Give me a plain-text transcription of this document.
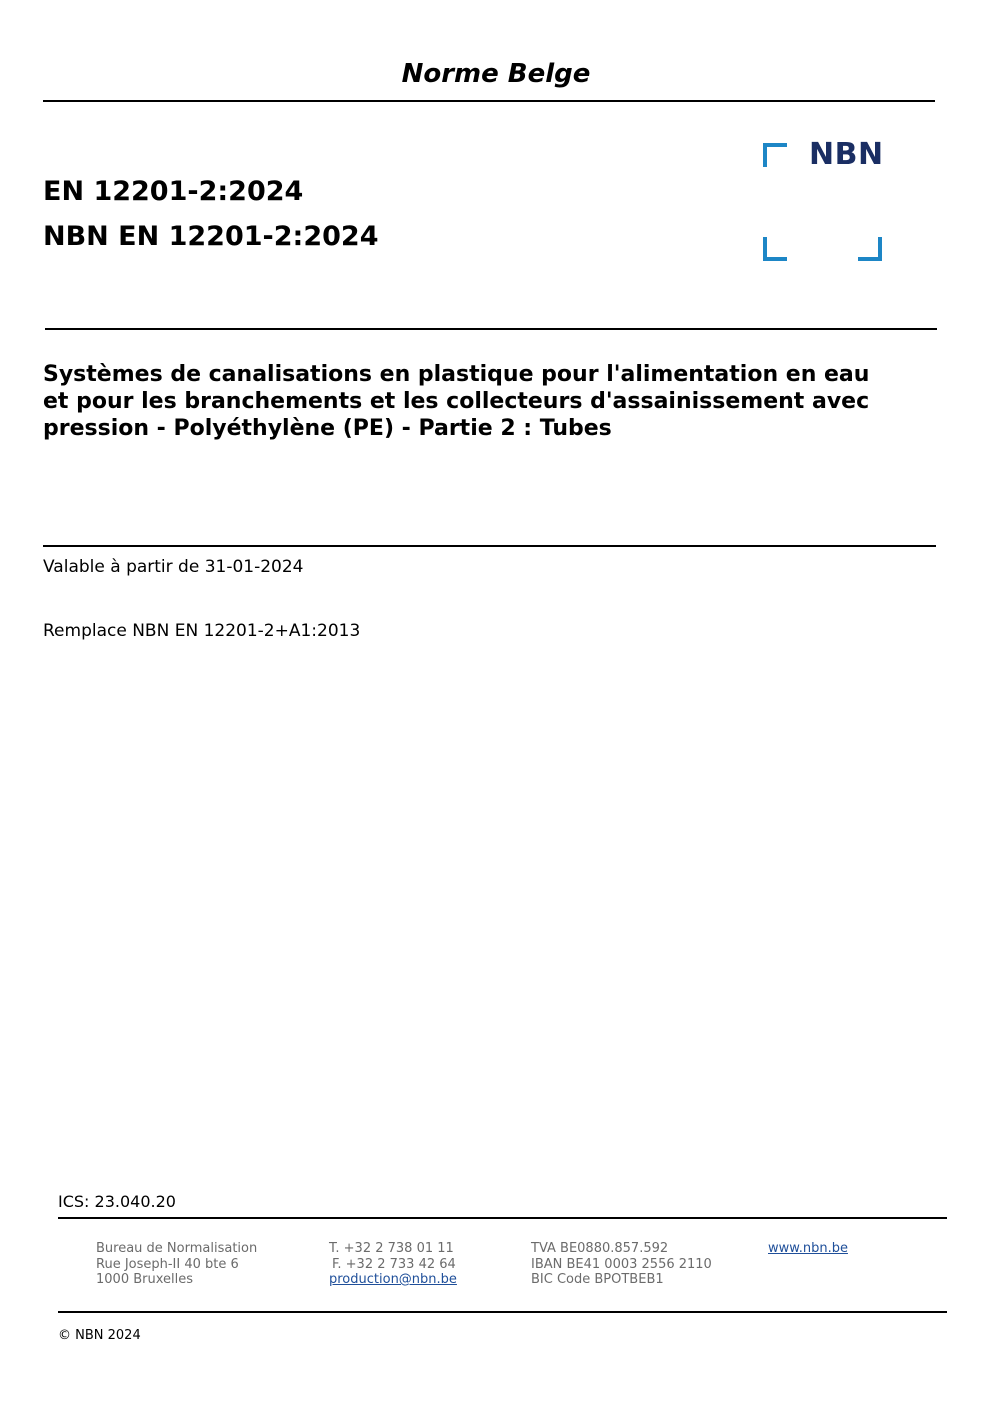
Norme Belge
EN 12201-2:2024
NBN EN 12201-2:2024
NBN
Systèmes de canalisations en plastique pour l'alimentation en eau et pour les branchements et les collecteurs d'assainissement avec pression - Polyéthylène (PE) - Partie 2 : Tubes
Valable à partir de 31-01-2024
Remplace NBN EN 12201-2+A1:2013
ICS: 23.040.20
Bureau de Normalisation
Rue Joseph-II 40 bte 6
1000 Bruxelles
T. +32 2 738 01 11
F. +32 2 733 42 64
production@nbn.be
TVA BE0880.857.592
IBAN BE41 0003 2556 2110
BIC Code BPOTBEB1
www.nbn.be
© NBN 2024
